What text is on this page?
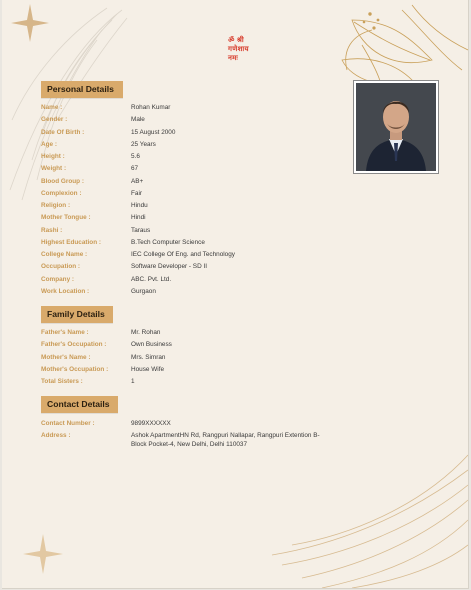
ॐ श्री गणेशाय नमः
Personal Details
Name :	Rohan Kumar
Gender :	Male
Date Of Birth :	15 August 2000
Age :	25 Years
Height :	5.6
Weight :	67
Blood Group :	AB+
Complexion :	Fair
Religion :	Hindu
Mother Tongue :	Hindi
Rashi :	Taraus
Highest Education :	B.Tech Computer Science
College Name :	IEC College Of Eng. and Technology
Occupation :	Software Developer - SD II
Company :	ABC. Pvt. Ltd.
Work Location :	Gurgaon
Family Details
Father's Name :	Mr. Rohan
Father's Occupation :	Own Business
Mother's Name :	Mrs. Simran
Mother's Occupation :	House Wife
Total Sisters :	1
Contact Details
Contact Number :	9899XXXXXX
Address :	Ashok ApartmentHN Rd, Rangpuri Nallapar, Rangpuri Extention B-Block Pocket-4, New Delhi, Delhi 110037
